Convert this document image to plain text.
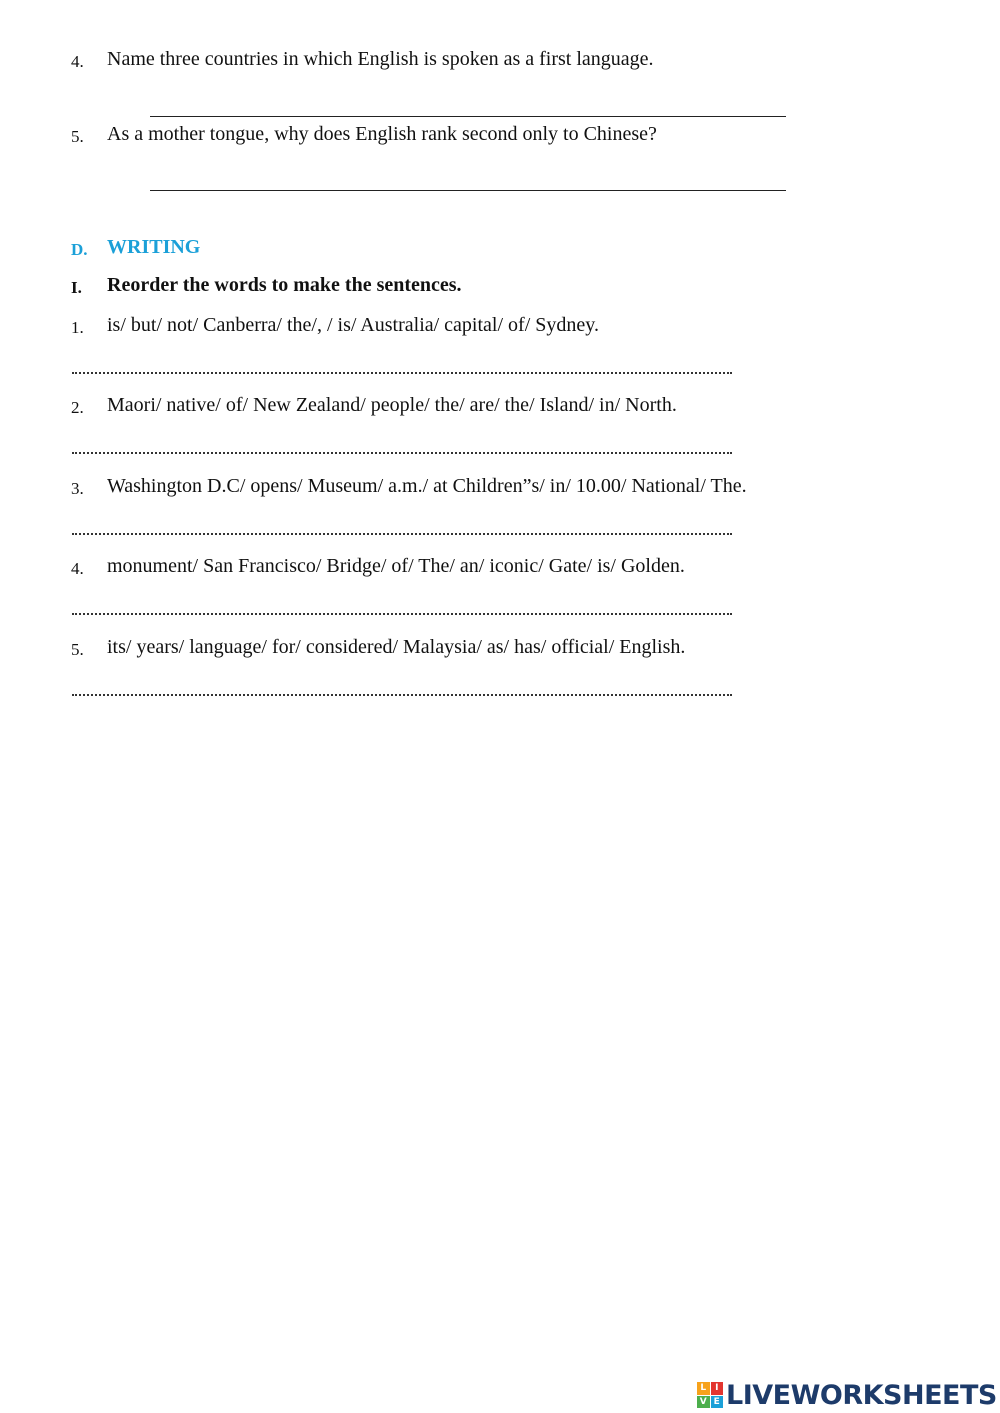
4. Name three countries in which English is spoken as a first language.
5. As a mother tongue, why does English rank second only to Chinese?
D. WRITING
I. Reorder the words to make the sentences.
1. is/ but/ not/ Canberra/ the/, / is/ Australia/ capital/ of/ Sydney.
2. Maori/ native/ of/ New Zealand/ people/ the/ are/ the/ Island/ in/ North.
3. Washington D.C/ opens/ Museum/ a.m./ at Children”s/ in/ 10.00/ National/ The.
4. monument/ San Francisco/ Bridge/ of/ The/ an/ iconic/ Gate/ is/ Golden.
5. its/ years/ language/ for/ considered/ Malaysia/ as/ has/ official/ English.
L I
V E LIVEWORKSHEETS
